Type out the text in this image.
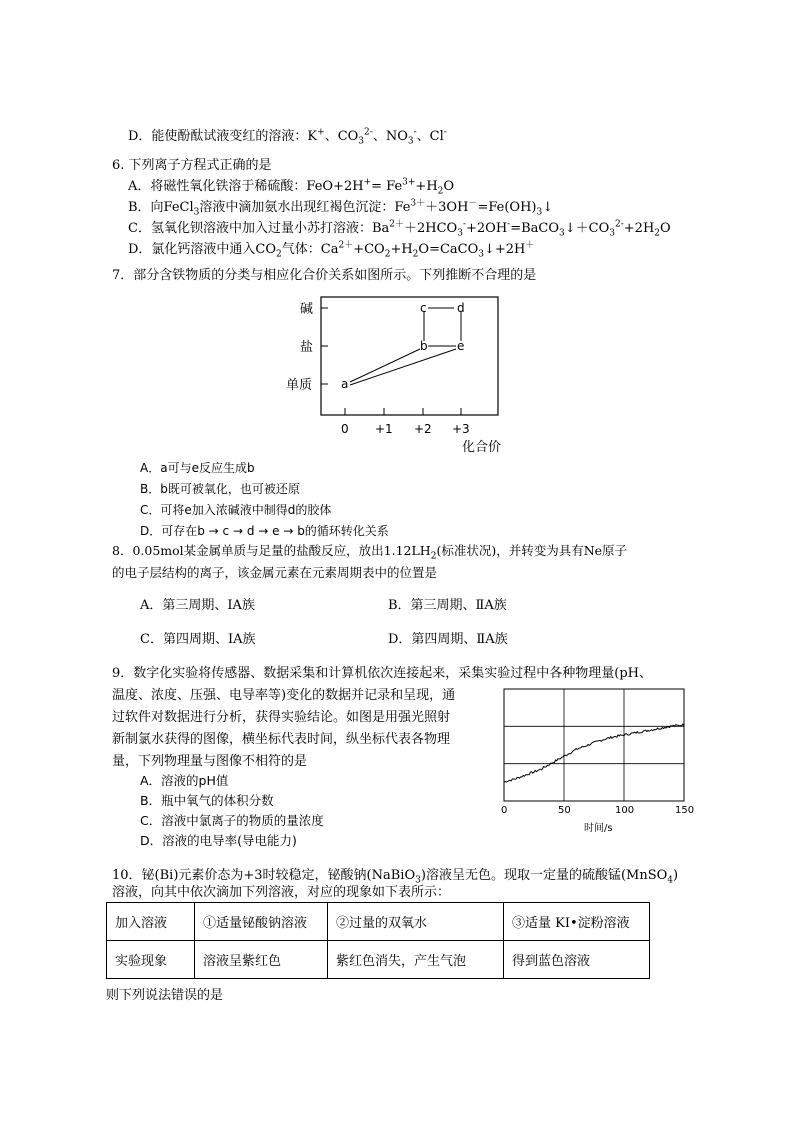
D．能使酚酞试液变红的溶液：K+、$CO_3^{2-}$、$NO_3^-$、Cl-
6. 下列离子方程式正确的是
A．将磁性氧化铁溶于稀硫酸：$FeO+2H^+= Fe^{3+}+H_2O$
B．向FeCl$_3$溶液中滴加氨水出现红褐色沉淀：$Fe^{3+}+3OH^-=Fe(OH)_3↓$
C．氢氧化钡溶液中加入过量小苏打溶液：$Ba^{2+}+2HCO_3^-+2OH^-=BaCO_3↓+CO_3^{2-}+2H_2O$
D．氯化钙溶液中通入$CO_2$气体：$Ca^{2+}+CO_2+H_2O=CaCO_3↓+2H^+$
7．部分含铁物质的分类与相应化合价关系如图所示。下列推断不合理的是
碱
盐
单质
0 +1 +2 +3
化合价
a
b
c	d
e
A．a可与e反应生成b
B．b既可被氧化，也可被还原
C．可将e加入浓碱液中制得d的胶体
D．可存在b → c → d → e → b的循环转化关系
8．0.05mol某金属单质与足量的盐酸反应，放出$1.12LH_2$(标准状况)，并转变为具有Ne原子
的电子层结构的离子，该金属元素在元素周期表中的位置是
A．第三周期、ⅠA族	B．第三周期、ⅡA族
C．第四周期、ⅠA族	D．第四周期、ⅡA族
9．数字化实验将传感器、数据采集和计算机依次连接起来，采集实验过程中各种物理量(pH、
温度、浓度、压强、电导率等)变化的数据并记录和呈现，通
过软件对数据进行分析，获得实验结论。如图是用强光照射
新制氯水获得的图像，横坐标代表时间，纵坐标代表各物理
量，下列物理量与图像不相符的是
A．溶液的pH值
B．瓶中氧气的体积分数
C．溶液中氯离子的物质的量浓度
D．溶液的电导率(导电能力)
0	50	100	150
时间/s
10．铋(Bi)元素价态为+3时较稳定，铋酸钠(NaBiO$_3$)溶液呈无色。现取一定量的硫酸锰(MnSO$_4$)
溶液，向其中依次滴加下列溶液，对应的现象如下表所示：
加入溶液	①适量铋酸钠溶液	②过量的双氧水	③适量 KI•淀粉溶液
实验现象	溶液呈紫红色	紫红色消失，产生气泡	得到蓝色溶液
则下列说法错误的是
